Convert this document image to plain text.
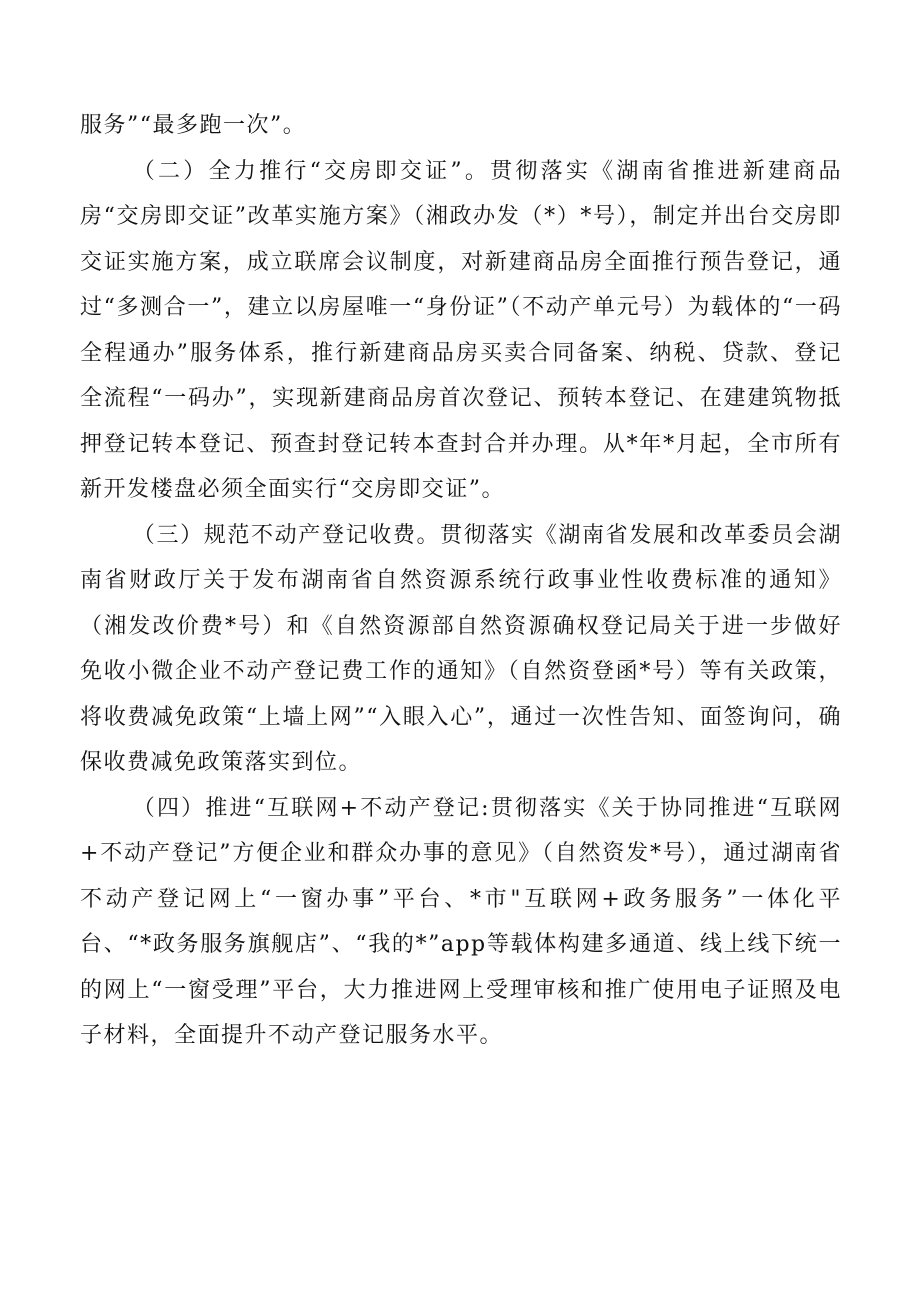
服务”“最多跑一次”。

（二）全力推行“交房即交证”。贯彻落实《湖南省推进新建商品房“交房即交证”改革实施方案》（湘政办发（*）*号），制定并出台交房即交证实施方案，成立联席会议制度，对新建商品房全面推行预告登记，通过“多测合一”，建立以房屋唯一“身份证”（不动产单元号）为载体的“一码全程通办”服务体系，推行新建商品房买卖合同备案、纳税、贷款、登记全流程“一码办”，实现新建商品房首次登记、预转本登记、在建建筑物抵押登记转本登记、预查封登记转本查封合并办理。从*年*月起，全市所有新开发楼盘必须全面实行“交房即交证”。

（三）规范不动产登记收费。贯彻落实《湖南省发展和改革委员会湖南省财政厅关于发布湖南省自然资源系统行政事业性收费标准的通知》（湘发改价费*号）和《自然资源部自然资源确权登记局关于进一步做好免收小微企业不动产登记费工作的通知》（自然资登函*号）等有关政策，将收费减免政策“上墙上网”“入眼入心”，通过一次性告知、面签询问，确保收费减免政策落实到位。

（四）推进“互联网+不动产登记:贯彻落实《关于协同推进“互联网+不动产登记”方便企业和群众办事的意见》（自然资发*号），通过湖南省不动产登记网上“一窗办事”平台、*市"互联网+政务服务”一体化平台、“*政务服务旗舰店”、“我的*”app等载体构建多通道、线上线下统一的网上“一窗受理”平台，大力推进网上受理审核和推广使用电子证照及电子材料，全面提升不动产登记服务水平。
